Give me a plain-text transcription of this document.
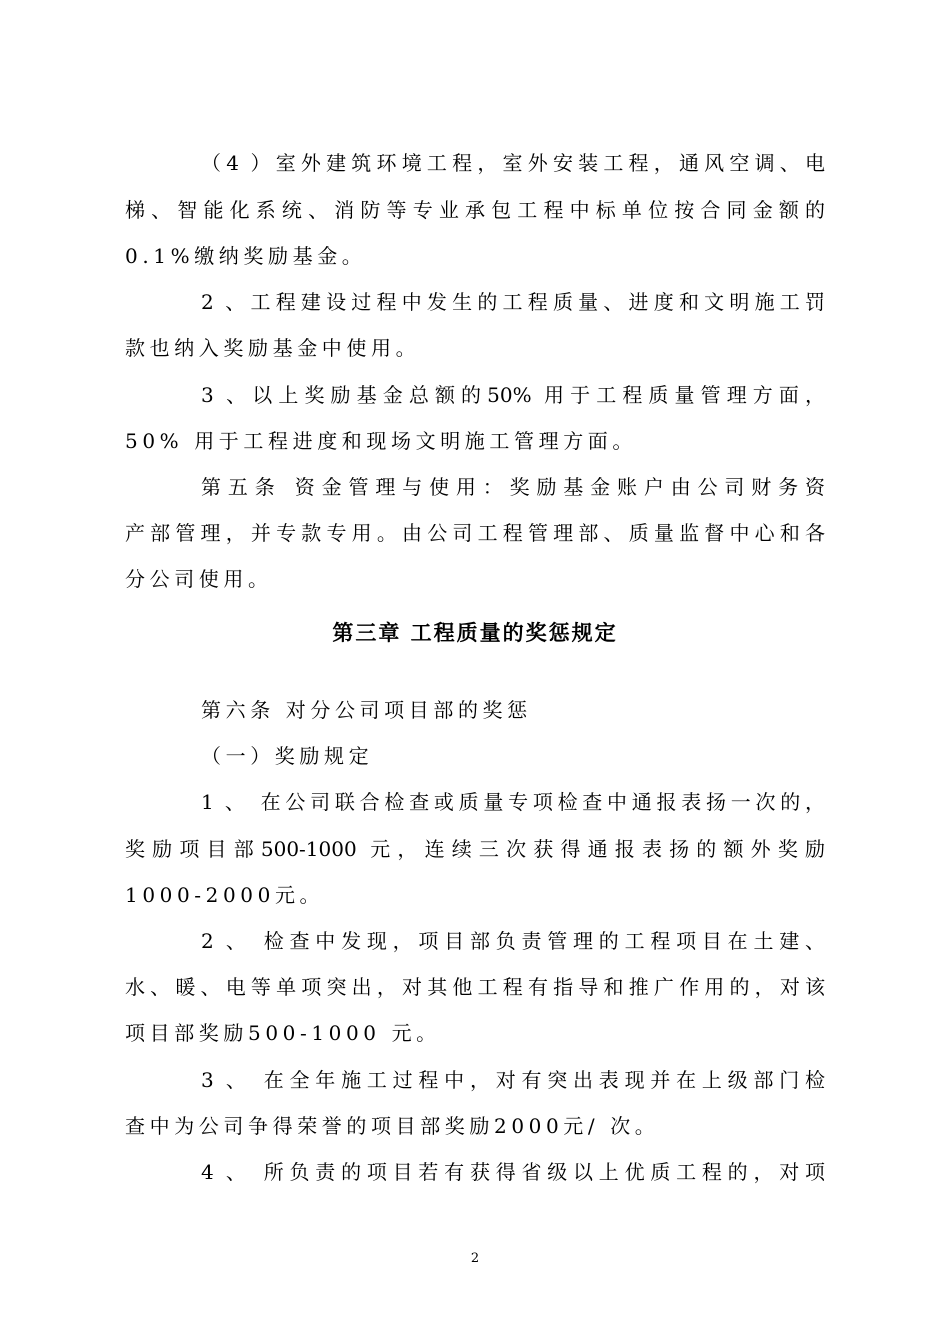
（4 ）室外建筑环境工程，室外安装工程，通风空调、电
梯、智能化系统、消防等专业承包工程中标单位按合同金额的
0.1%缴纳奖励基金。
2 、工程建设过程中发生的工程质量、进度和文明施工罚
款也纳入奖励基金中使用。
3 、以上奖励基金总额的50% 用于工程质量管理方面，
50% 用于工程进度和现场文明施工管理方面。
第五条 资金管理与使用：奖励基金账户由公司财务资
产部管理，并专款专用。由公司工程管理部、质量监督中心和各
分公司使用。
第三章 工程质量的奖惩规定
第六条 对分公司项目部的奖惩
（一）奖励规定
1 、 在公司联合检查或质量专项检查中通报表扬一次的，
奖励项目部500-1000 元，连续三次获得通报表扬的额外奖励
1000-2000元。
2 、 检查中发现，项目部负责管理的工程项目在土建、
水、暖、电等单项突出，对其他工程有指导和推广作用的，对该
项目部奖励500-1000 元。
3 、 在全年施工过程中，对有突出表现并在上级部门检
查中为公司争得荣誉的项目部奖励2000元/ 次。
4 、 所负责的项目若有获得省级以上优质工程的，对项
2
